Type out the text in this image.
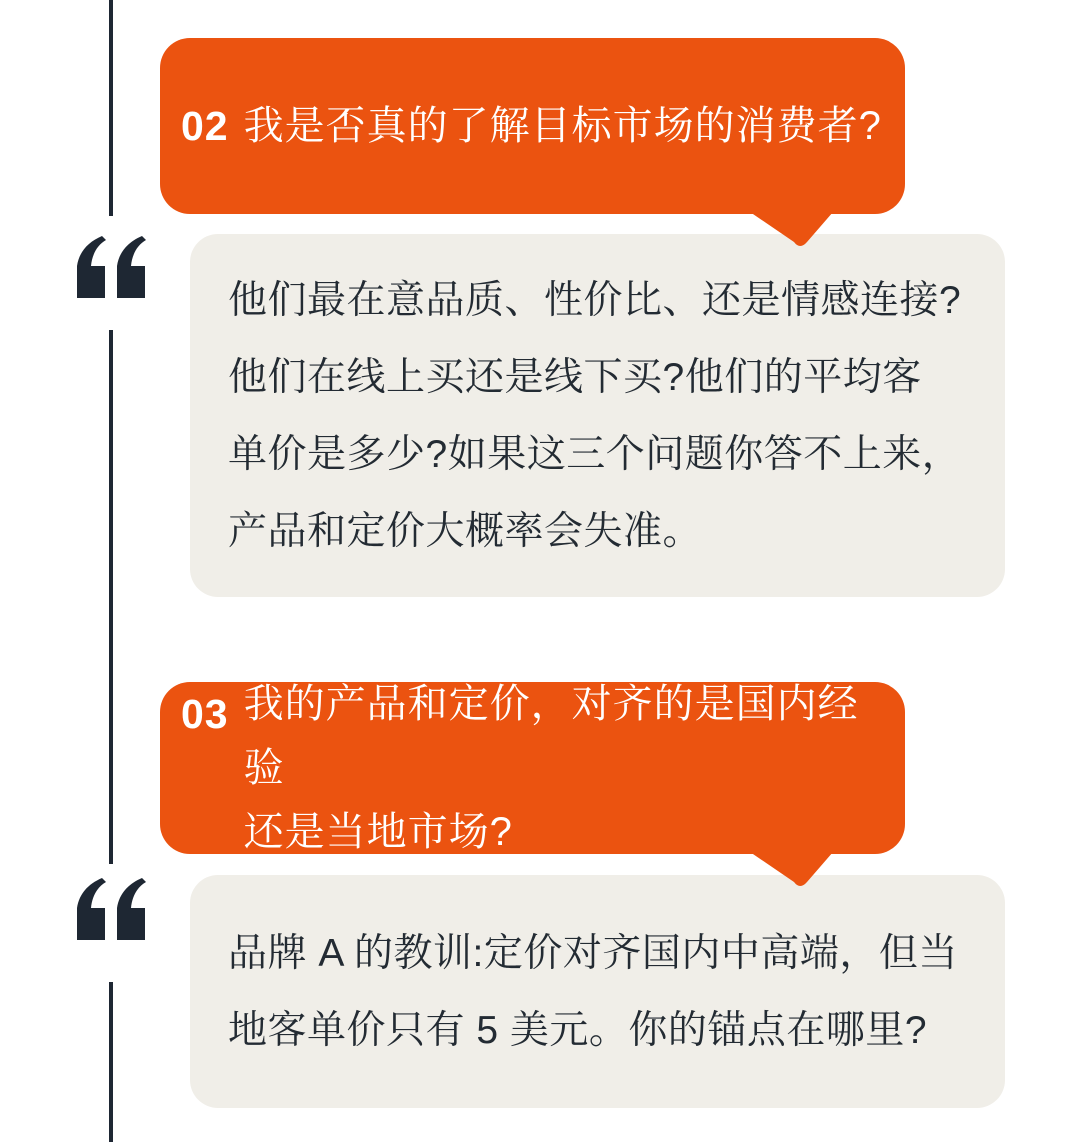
02 我是否真的了解目标市场的消费者?
他们最在意品质、性价比、还是情感连接?
他们在线上买还是线下买?他们的平均客
单价是多少?如果这三个问题你答不上来，
产品和定价大概率会失准。
03 我的产品和定价，对齐的是国内经验
还是当地市场?
品牌 A 的教训:定价对齐国内中高端，但当
地客单价只有 5 美元。你的锚点在哪里?
